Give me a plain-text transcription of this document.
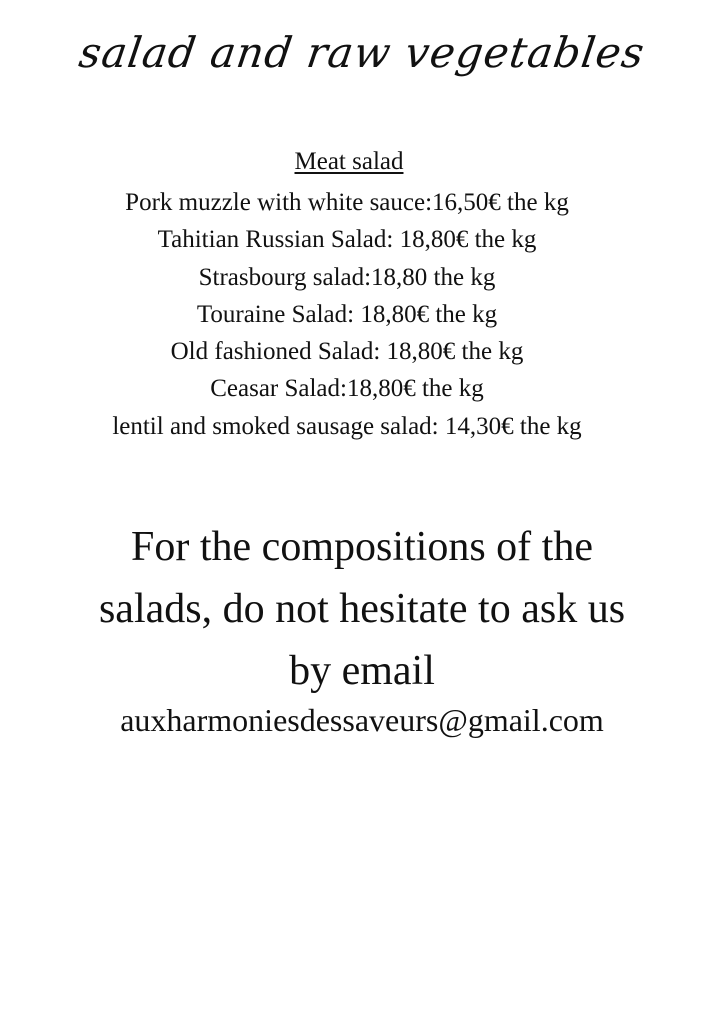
salad and raw vegetables
Meat salad
Pork muzzle with white sauce:16,50€ the kg
Tahitian Russian Salad: 18,80€ the kg
Strasbourg salad:18,80 the kg
Touraine Salad: 18,80€ the kg
Old fashioned Salad: 18,80€ the kg
Ceasar Salad:18,80€ the kg
lentil and smoked sausage salad: 14,30€ the kg
For the compositions of the
salads, do not hesitate to ask us
by email
auxharmoniesdessaveurs@gmail.com
